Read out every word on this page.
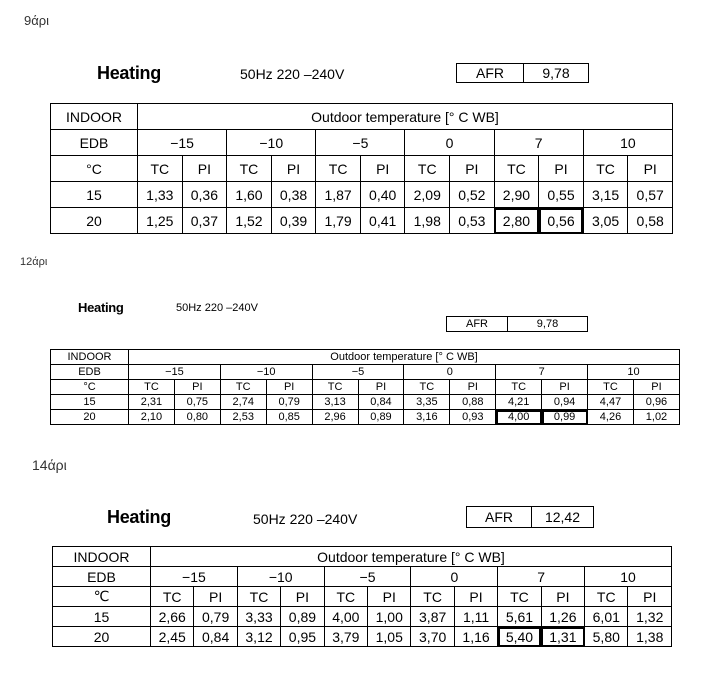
9άρι
Heating	50Hz 220 –240V	AFR	9,78
INDOOR	Outdoor temperature [° C WB]											
EDB	−15		−10		−5		0		7		10	
°C	TC	PI	TC	PI	TC	PI	TC	PI	TC	PI	TC	PI
15	1,33	0,36	1,60	0,38	1,87	0,40	2,09	0,52	2,90	0,55	3,15	0,57
20	1,25	0,37	1,52	0,39	1,79	0,41	1,98	0,53	2,80	0,56	3,05	0,58
12άρι
Heating	50Hz 220 –240V
AFR	9,78
INDOOR	Outdoor temperature [° C WB]											
EDB	−15		−10		−5		0		7		10	
°C	TC	PI	TC	PI	TC	PI	TC	PI	TC	PI	TC	PI
15	2,31	0,75	2,74	0,79	3,13	0,84	3,35	0,88	4,21	0,94	4,47	0,96
20	2,10	0,80	2,53	0,85	2,96	0,89	3,16	0,93	4,00	0,99	4,26	1,02
14άρι
Heating	50Hz 220 –240V	AFR	12,42
INDOOR	Outdoor temperature [° C WB]											
EDB	−15		−10		−5		0		7		10	
℃	TC	PI	TC	PI	TC	PI	TC	PI	TC	PI	TC	PI
15	2,66	0,79	3,33	0,89	4,00	1,00	3,87	1,11	5,61	1,26	6,01	1,32
20	2,45	0,84	3,12	0,95	3,79	1,05	3,70	1,16	5,40	1,31	5,80	1,38
